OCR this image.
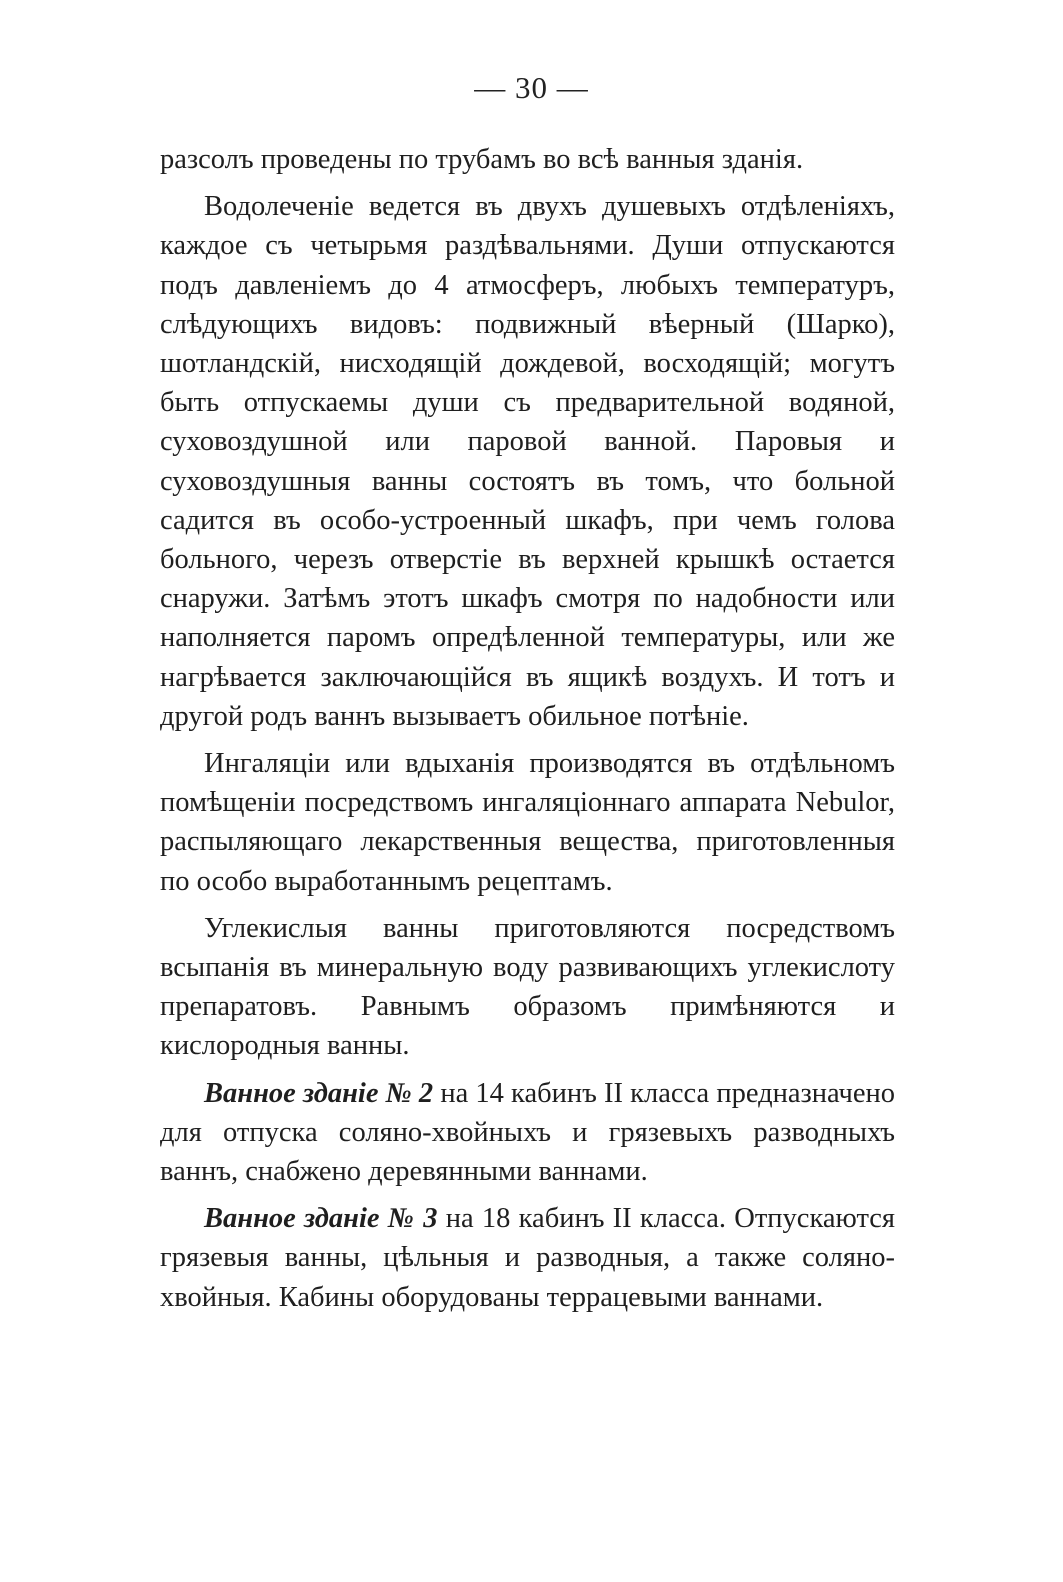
— 30 —

разсолъ проведены по трубамъ во всѣ ванныя зданія.

Водолеченіе ведется въ двухъ душевыхъ отдѣленіяхъ, каждое съ четырьмя раздѣвальнями. Души отпускаются подъ давленіемъ до 4 атмосферъ, любыхъ температуръ, слѣдующихъ видовъ: подвижный вѣерный (Шарко), шотландскій, нисходящій дождевой, восходящій; могутъ быть отпускаемы души съ предварительной водяной, суховоздушной или паровой ванной. Паровыя и суховоздушныя ванны состоятъ въ томъ, что больной садится въ особо-устроенный шкафъ, при чемъ голова больного, черезъ отверстіе въ верхней крышкѣ остается снаружи. Затѣмъ этотъ шкафъ смотря по надобности или наполняется паромъ опредѣленной температуры, или же нагрѣвается заключающійся въ ящикѣ воздухъ. И тотъ и другой родъ ваннъ вызываетъ обильное потѣніе.

Ингаляціи или вдыханія производятся въ отдѣльномъ помѣщеніи посредствомъ ингаляціоннаго аппарата Nebulor, распыляющаго лекарственныя вещества, приготовленныя по особо выработаннымъ рецептамъ.

Углекислыя ванны приготовляются посредствомъ всыпанія въ минеральную воду развивающихъ углекислоту препаратовъ. Равнымъ образомъ примѣняются и кислородныя ванны.

Ванное зданіе № 2 на 14 кабинъ II класса предназначено для отпуска соляно-хвойныхъ и грязевыхъ разводныхъ ваннъ, снабжено деревянными ваннами.

Ванное зданіе № 3 на 18 кабинъ II класса. Отпускаются грязевыя ванны, цѣльныя и разводныя, а также соляно-хвойныя. Кабины оборудованы террацевыми ваннами.
